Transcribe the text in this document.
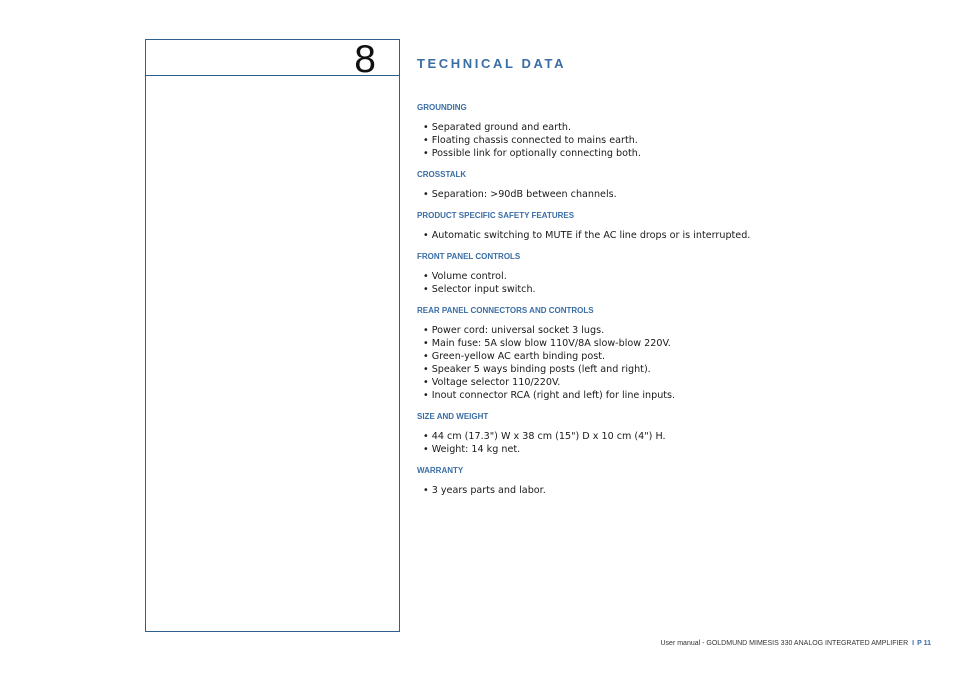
8	TECHNICAL DATA
GROUNDING
• Separated ground and earth.
• Floating chassis connected to mains earth.
• Possible link for optionally connecting both.
CROSSTALK
• Separation: >90dB between channels.
PRODUCT SPECIFIC SAFETY FEATURES
• Automatic switching to MUTE if the AC line drops or is interrupted.
FRONT PANEL CONTROLS
• Volume control.
• Selector input switch.
REAR PANEL CONNECTORS AND CONTROLS
• Power cord: universal socket 3 lugs.
• Main fuse: 5A slow blow 110V/8A slow-blow 220V.
• Green-yellow AC earth binding post.
• Speaker 5 ways binding posts (left and right).
• Voltage selector 110/220V.
• Inout connector RCA (right and left) for line inputs.
SIZE AND WEIGHT
• 44 cm (17.3") W x 38 cm (15") D x 10 cm (4") H.
• Weight: 14 kg net.
WARRANTY
• 3 years parts and labor.
User manual - GOLDMUND MIMESIS 330 ANALOG INTEGRATED AMPLIFIER I P 11
